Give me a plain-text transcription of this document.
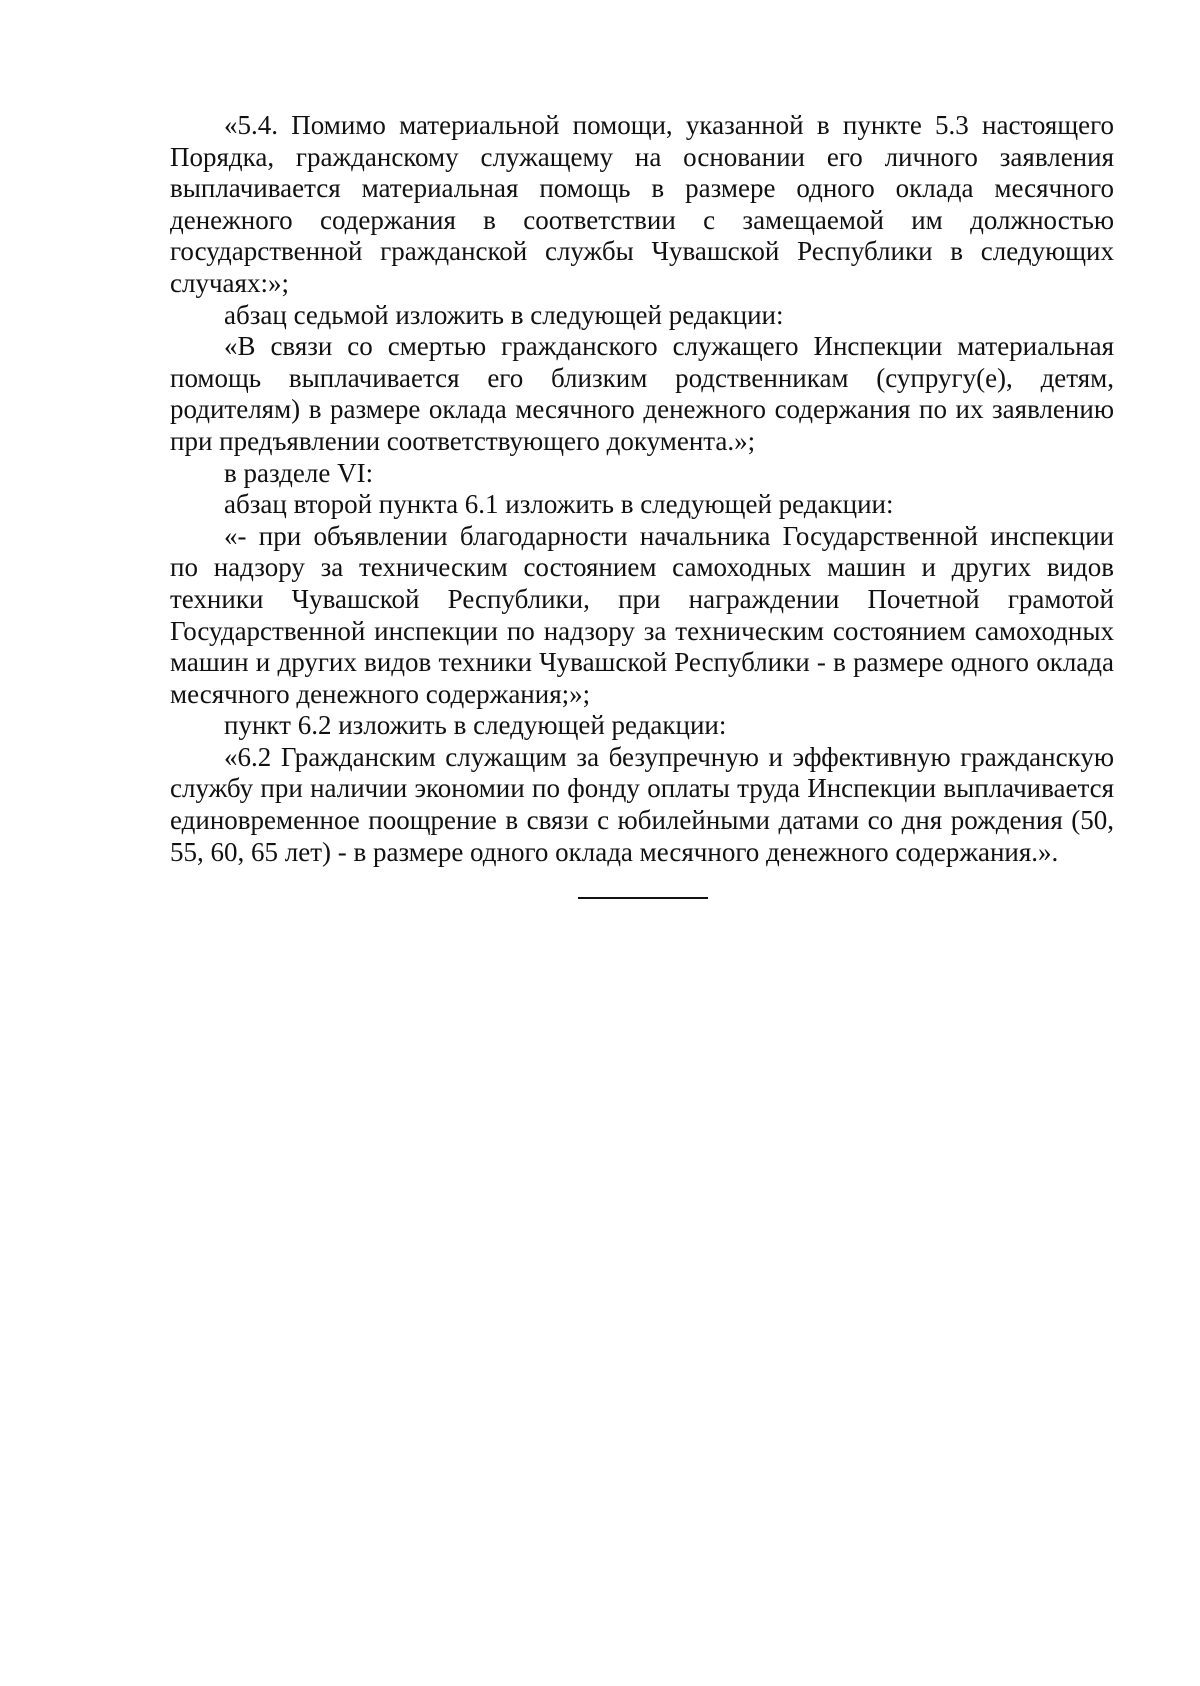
«5.4. Помимо материальной помощи, указанной в пункте 5.3 настоящего Порядка, гражданскому служащему на основании его личного заявления выплачивается материальная помощь в размере одного оклада месячного денежного содержания в соответствии с замещаемой им должностью государственной гражданской службы Чувашской Республики в следующих случаях:»;

абзац седьмой изложить в следующей редакции:

«В связи со смертью гражданского служащего Инспекции материальная помощь выплачивается его близким родственникам (супругу(е), детям, родителям) в размере оклада месячного денежного содержания по их заявлению при предъявлении соответствующего документа.»;

в разделе VI:

абзац второй пункта 6.1 изложить в следующей редакции:

«- при объявлении благодарности начальника Государственной инспекции по надзору за техническим состоянием самоходных машин и других видов техники Чувашской Республики, при награждении Почетной грамотой Государственной инспекции по надзору за техническим состоянием самоходных машин и других видов техники Чувашской Республики - в размере одного оклада месячного денежного содержания;»;

пункт 6.2 изложить в следующей редакции:

«6.2 Гражданским служащим за безупречную и эффективную гражданскую службу при наличии экономии по фонду оплаты труда Инспекции выплачивается единовременное поощрение в связи с юбилейными датами со дня рождения (50, 55, 60, 65 лет) - в размере одного оклада месячного денежного содержания.».
